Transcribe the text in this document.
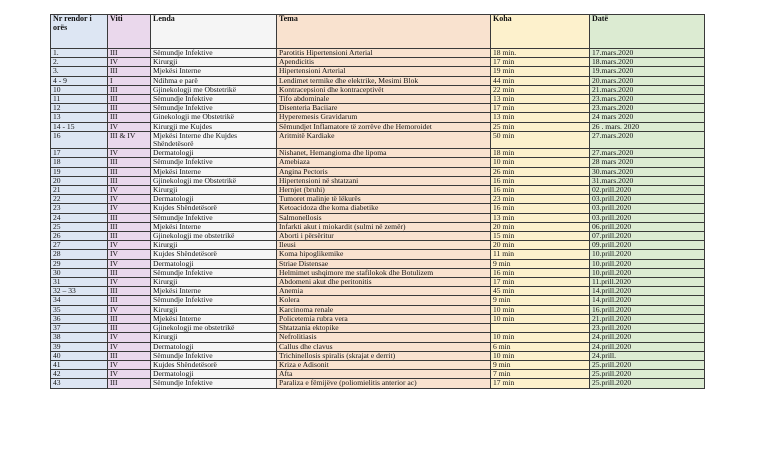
Nr rendor i orës	Viti	Lenda	Tema	Koha	Datë
1.	III	Sëmundje Infektive	Parotitis Hipertensioni Arterial	18 min.	17.mars.2020
2.	IV	Kirurgji	Apendicitis	17 min	18.mars.2020
3.	III	Mjekësi Interne	Hipertensioni Arterial	19 min	19.mars.2020
4 - 9	I	Ndihma e parë	Lendimet termike dhe elektrike, Mesimi Blok	44 min	20.mars.2020
10	III	Gjinekologji me Obstetrikë	Kontracepsioni dhe kontraceptivët	22 min	21.mars.2020
11	III	Sëmundje Infektive	Tifo abdominale	13 min	23.mars.2020
12	III	Sëmundje Infektive	Disenteria Baciiare	17 min	23.mars.2020
13	III	Ginekologji me Obstetrikë	Hyperemesis Gravidarum	13 min	24 mars 2020
14 - 15	IV	Kirurgji me Kujdes	Sëmundjet Inflamatore të zorrëve dhe Hemoroidet	25 min	26 . mars. 2020
16	III & IV	Mjekësi Interne dhe Kujdes Shëndetësorë	Aritmitë Kardiake	50 min	27.mars.2020
17	IV	Dermatologji	Nishanet, Hemangioma dhe lipoma	18 min	27.mars.2020
18	III	Sëmundje Infektive	Amebiaza	10 min	28 mars 2020
19	III	Mjekësi Interne	Angina Pectoris	26 min	30.mars.2020
20	III	Gjinekologji me Obstetrikë	Hipertensioni në shtatzani	16 min	31.mars.2020
21	IV	Kirurgji	Hernjet (bruhi)	16 min	02.prill.2020
22	IV	Dermatologji	Tumoret malinje të lëkurës	23 min	03.prill.2020
23	IV	Kujdes Shëndetësorë	Ketoacidoza dhe koma diabetike	16 min	03.prill.2020
24	III	Sëmundje Infektive	Salmonellosis	13 min	03.prill.2020
25	III	Mjekësi Interne	Infarkti akut i miokardit (sulmi në zemër)	20 min	06.prill.2020
26	III	Gjinekologji me obstetrikë	Aborti i përsëritur	15 min	07.prill.2020
27	IV	Kirurgji	Ileusi	20 min	09.prill.2020
28	IV	Kujdes Shëndetësorë	Koma hipoglikemike	11 min	10.prill.2020
29	IV	Dermatologji	Striae Distensae	9 min	10.prill.2020
30	III	Sëmundje Infektive	Helmimet ushqimore me stafilokok dhe Botulizem	16 min	10.prill.2020
31	IV	Kirurgji	Abdomeni akut dhe peritonitis	17 min	11.prill.2020
32 – 33	III	Mjekësi Interne	Anemia	45 min	14.prill.2020
34	III	Sëmundje Infektive	Kolera	9 min	14.prill.2020
35	IV	Kirurgji	Karcinoma renale	10 min	16.prill.2020
36	III	Mjekësi Interne	Policetemia rubra vera	10 min	21.prill.2020
37	III	Gjinekologji me obstetrikë	Shtatzania ektopike		23.prill.2020
38	IV	Kirurgji	Nefrolitiasis	10 min	24.prill.2020
39	IV	Dermatologji	Callus dhe clavus	6 min	24.prill.2020
40	III	Sëmundje Infektive	Trichinellosis spiralis (skrajat e derrit)	10 min	24.prill.
41	IV	Kujdes Shëndetësorë	Kriza e Adisonit	9 min	25.prill.2020
42	IV	Dermatologji	Afta	7 min	25.prill.2020
43	III	Sëmundje Infektive	Paraliza e fëmijëve (poliomielitis anterior ac)	17 min	25.prill.2020
